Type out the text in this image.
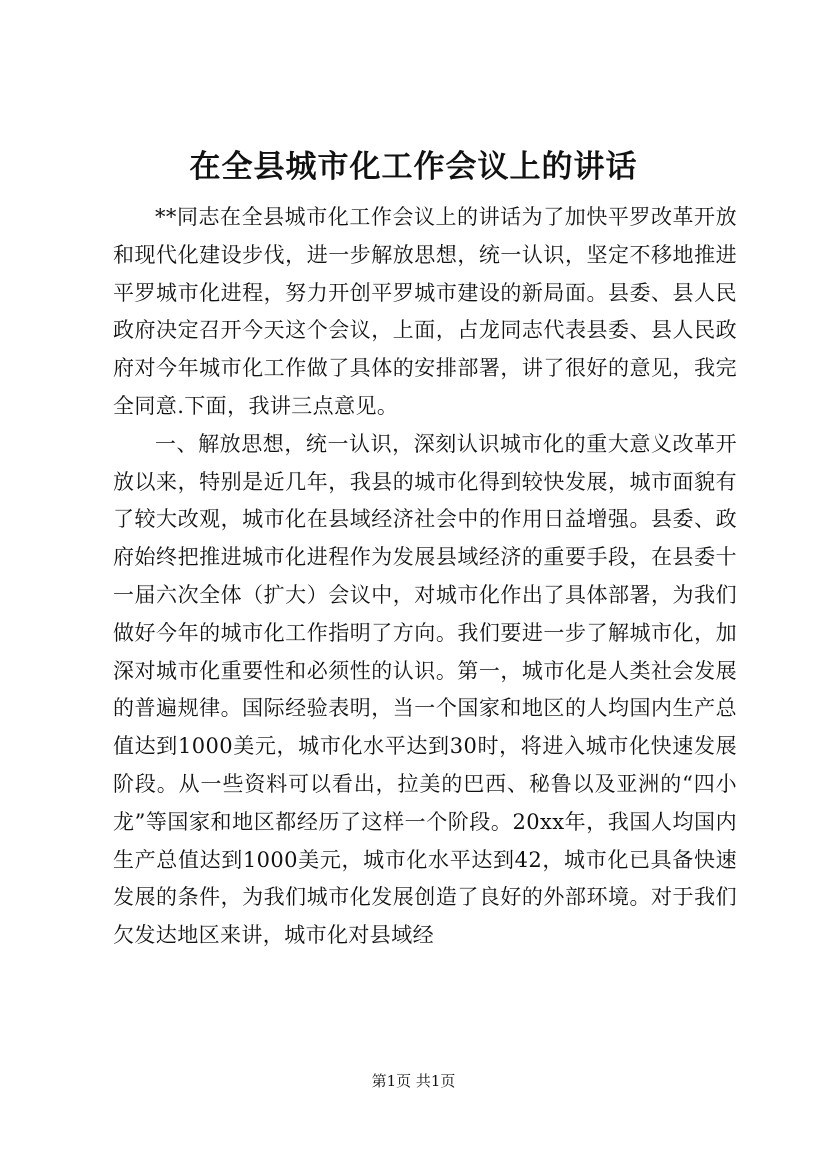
在全县城市化工作会议上的讲话

**同志在全县城市化工作会议上的讲话为了加快平罗改革开放和现代化建设步伐，进一步解放思想，统一认识，坚定不移地推进平罗城市化进程，努力开创平罗城市建设的新局面。县委、县人民政府决定召开今天这个会议，上面，占龙同志代表县委、县人民政府对今年城市化工作做了具体的安排部署，讲了很好的意见，我完全同意.下面，我讲三点意见。

一、解放思想，统一认识，深刻认识城市化的重大意义改革开放以来，特别是近几年，我县的城市化得到较快发展，城市面貌有了较大改观，城市化在县域经济社会中的作用日益增强。县委、政府始终把推进城市化进程作为发展县域经济的重要手段，在县委十一届六次全体（扩大）会议中，对城市化作出了具体部署，为我们做好今年的城市化工作指明了方向。我们要进一步了解城市化，加深对城市化重要性和必须性的认识。第一，城市化是人类社会发展的普遍规律。国际经验表明，当一个国家和地区的人均国内生产总值达到1000美元，城市化水平达到30时，将进入城市化快速发展阶段。从一些资料可以看出，拉美的巴西、秘鲁以及亚洲的“四小龙”等国家和地区都经历了这样一个阶段。20xx年，我国人均国内生产总值达到1000美元，城市化水平达到42，城市化已具备快速发展的条件，为我们城市化发展创造了良好的外部环境。对于我们欠发达地区来讲，城市化对县域经

第1页 共1页
